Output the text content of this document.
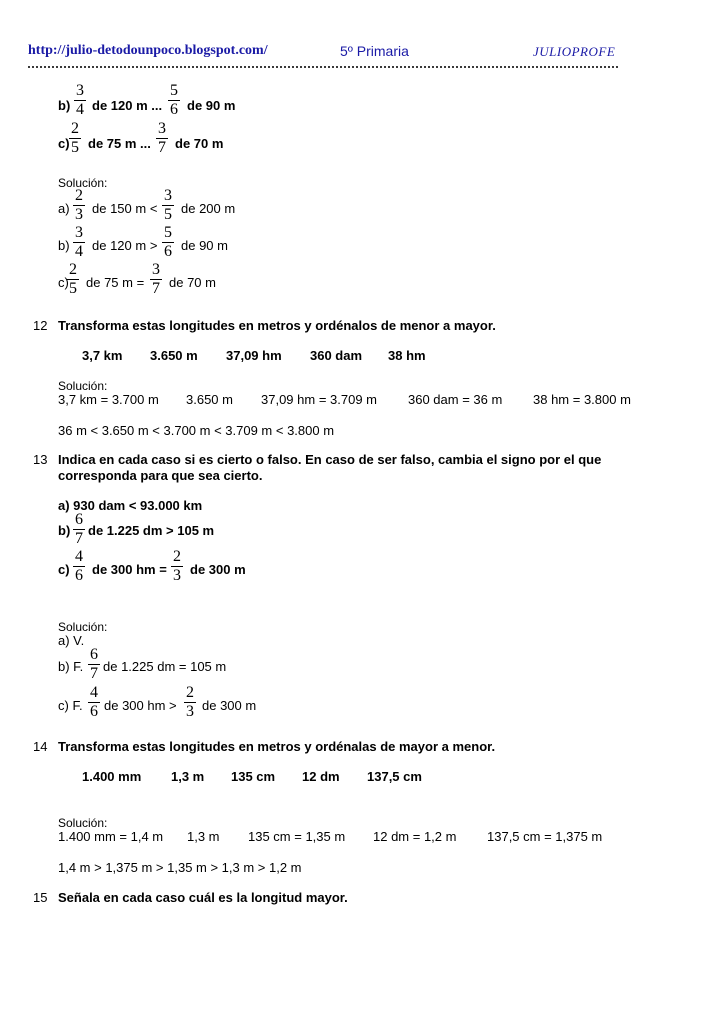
http://julio-detodounpoco.blogspot.com/	5º Primaria	JULIOPROFE
b)
3
4 de 120 m ...
5
6 de 90 m
c)
2
5 de 75 m ...
3
7 de 70 m
Solución:
a)
2
3 de 150 m <
3
5 de 200 m
b)
3
4 de 120 m >
5
6 de 90 m
c)
2
5 de 75 m =
3
7 de 70 m
12 Transforma estas longitudes en metros y ordénalos de menor a mayor.
3,7 km 3.650 m 37,09 hm 360 dam 38 hm
Solución:
3,7 km = 3.700 m 3.650 m 37,09 hm = 3.709 m 360 dam = 36 m 38 hm = 3.800 m
36 m < 3.650 m < 3.700 m < 3.709 m < 3.800 m
13 Indica en cada caso si es cierto o falso. En caso de ser falso, cambia el signo por el que
corresponda para que sea cierto.
a) 930 dam < 93.000 km
b)
6
7 de 1.225 dm > 105 m
c)
4
6 de 300 hm =
2
3 de 300 m
Solución:
a) V.
b) F.
6
7 de 1.225 dm = 105 m
c) F.
4
6 de 300 hm >
2
3 de 300 m
14 Transforma estas longitudes en metros y ordénalas de mayor a menor.
1.400 mm 1,3 m 135 cm 12 dm 137,5 cm
Solución:
1.400 mm = 1,4 m 1,3 m 135 cm = 1,35 m 12 dm = 1,2 m 137,5 cm = 1,375 m
1,4 m > 1,375 m > 1,35 m > 1,3 m > 1,2 m
15 Señala en cada caso cuál es la longitud mayor.
